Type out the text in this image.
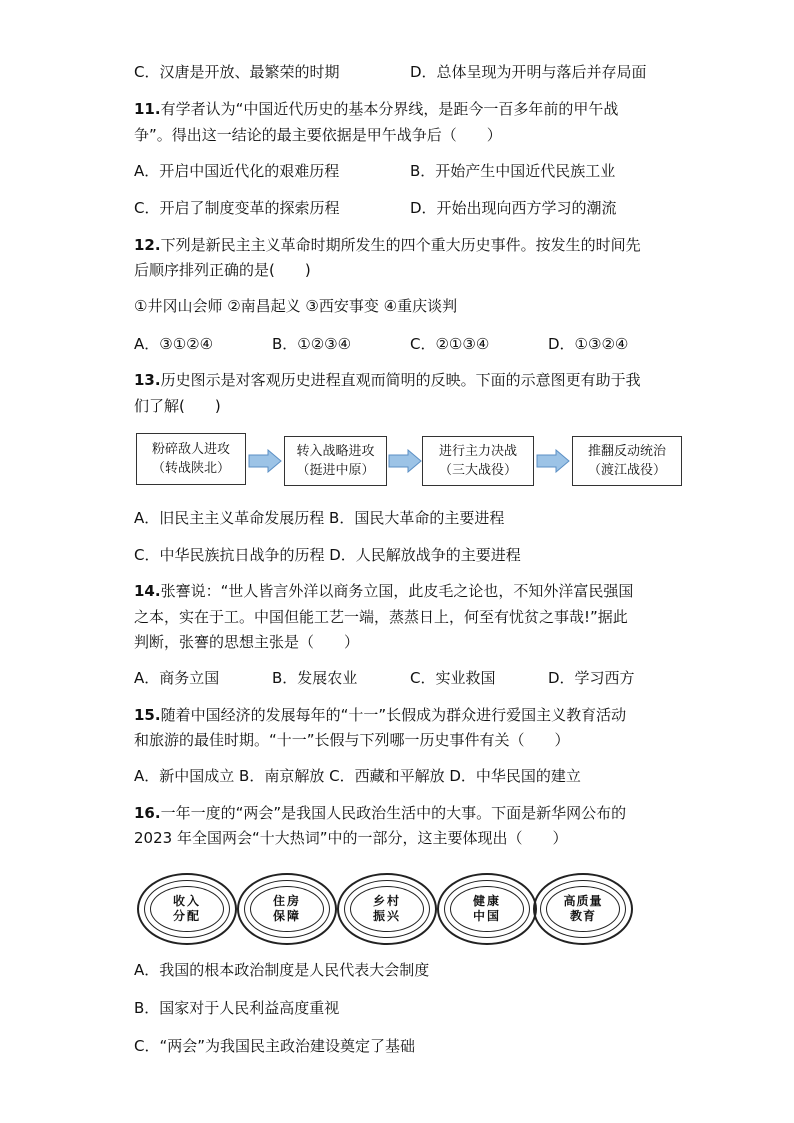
C．汉唐是开放、最繁荣的时期	D．总体呈现为开明与落后并存局面
11.有学者认为“中国近代历史的基本分界线，是距今一百多年前的甲午战
争”。得出这一结论的最主要依据是甲午战争后（　　）
A．开启中国近代化的艰难历程	B．开始产生中国近代民族工业
C．开启了制度变革的探索历程	D．开始出现向西方学习的潮流
12.下列是新民主主义革命时期所发生的四个重大历史事件。按发生的时间先
后顺序排列正确的是(　　)
①井冈山会师 ②南昌起义 ③西安事变 ④重庆谈判
A．③①②④	B．①②③④	C．②①③④	D．①③②④
13.历史图示是对客观历史进程直观而简明的反映。下面的示意图更有助于我
们了解(　　)
粉碎敌人进攻
（转战陕北）
转入战略进攻
（挺进中原）
进行主力决战
（三大战役）
推翻反动统治
（渡江战役）
A．旧民主主义革命发展历程 B．国民大革命的主要进程
C．中华民族抗日战争的历程 D．人民解放战争的主要进程
14.张謇说：“世人皆言外洋以商务立国，此皮毛之论也，不知外洋富民强国
之本，实在于工。中国但能工艺一端，蒸蒸日上，何至有忧贫之事哉!”据此
判断，张謇的思想主张是（　　）
A．商务立国	B．发展农业	C．实业救国	D．学习西方
15.随着中国经济的发展每年的“十一”长假成为群众进行爱国主义教育活动
和旅游的最佳时期。“十一”长假与下列哪一历史事件有关（　　）
A．新中国成立 B．南京解放 C．西藏和平解放 D．中华民国的建立
16.一年一度的“两会”是我国人民政治生活中的大事。下面是新华网公布的
2023 年全国两会“十大热词”中的一部分，这主要体现出（　　）
收入
分配
住房
保障
乡村
振兴
健康
中国
高质量
教育
A．我国的根本政治制度是人民代表大会制度
B．国家对于人民利益高度重视
C．“两会”为我国民主政治建设奠定了基础
